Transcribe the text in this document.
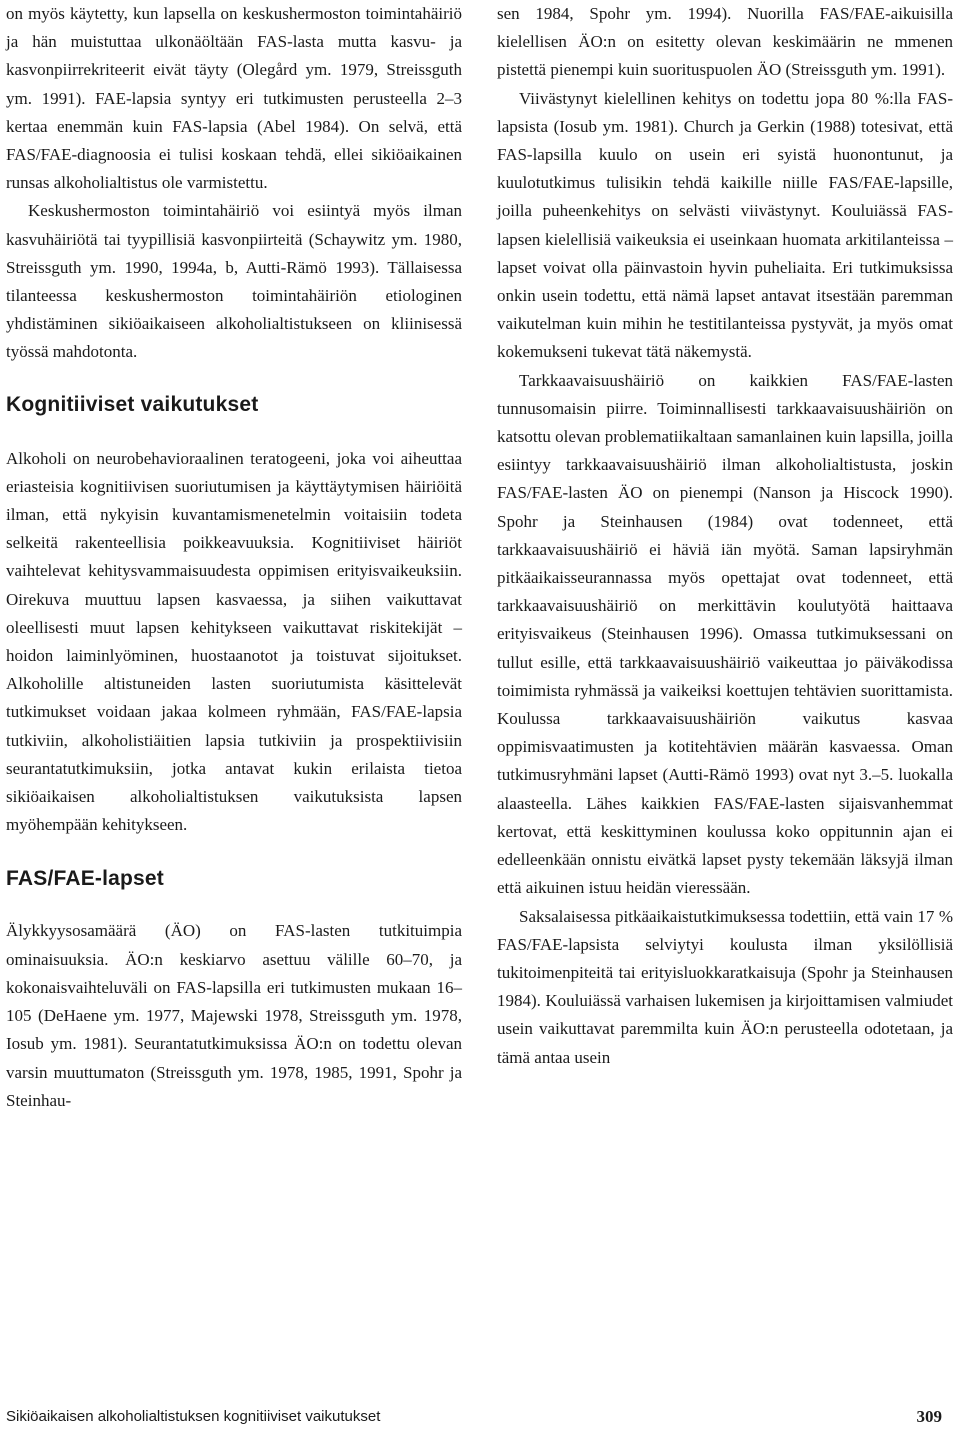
on myös käytetty, kun lapsella on keskushermoston toimintahäiriö ja hän muistuttaa ulkonäöltään FAS-lasta mutta kasvu- ja kasvonpiirrekriteerit eivät täyty (Olegård ym. 1979, Streissguth ym. 1991). FAE-lapsia syntyy eri tutkimusten perusteella 2–3 kertaa enemmän kuin FAS-lapsia (Abel 1984). On selvä, että FAS/FAE-diagnoosia ei tulisi koskaan tehdä, ellei sikiöaikainen runsas alkoholialtistus ole varmistettu.

Keskushermoston toimintahäiriö voi esiintyä myös ilman kasvuhäiriötä tai tyypillisiä kasvonpiirteitä (Schaywitz ym. 1980, Streissguth ym. 1990, 1994a, b, Autti-Rämö 1993). Tällaisessa tilanteessa keskushermoston toimintahäiriön etiologinen yhdistäminen sikiöaikaiseen alkoholialtistukseen on kliinisessä työssä mahdotonta.

Kognitiiviset vaikutukset

Alkoholi on neurobehavioraalinen teratogeeni, joka voi aiheuttaa eriasteisia kognitiivisen suoriutumisen ja käyttäytymisen häiriöitä ilman, että nykyisin kuvantamismenetelmin voitaisiin todeta selkeitä rakenteellisia poikkeavuuksia. Kognitiiviset häiriöt vaihtelevat kehitysvammaisuudesta oppimisen erityisvaikeuksiin. Oirekuva muuttuu lapsen kasvaessa, ja siihen vaikuttavat oleellisesti muut lapsen kehitykseen vaikuttavat riskitekijät – hoidon laiminlyöminen, huostaanotot ja toistuvat sijoitukset. Alkoholille altistuneiden lasten suoriutumista käsittelevät tutkimukset voidaan jakaa kolmeen ryhmään, FAS/FAE-lapsia tutkiviin, alkoholistiäitien lapsia tutkiviin ja prospektiivisiin seurantatutkimuksiin, jotka antavat kukin erilaista tietoa sikiöaikaisen alkoholialtistuksen vaikutuksista lapsen myöhempään kehitykseen.

FAS/FAE-lapset

Älykkyysosamäärä (ÄO) on FAS-lasten tutkituimpia ominaisuuksia. ÄO:n keskiarvo asettuu välille 60–70, ja kokonaisvaihteluväli on FAS-lapsilla eri tutkimusten mukaan 16–105 (DeHaene ym. 1977, Majewski 1978, Streissguth ym. 1978, Iosub ym. 1981). Seurantatutkimuksissa ÄO:n on todettu olevan varsin muuttumaton (Streissguth ym. 1978, 1985, 1991, Spohr ja Steinhau-

sen 1984, Spohr ym. 1994). Nuorilla FAS/FAE-aikuisilla kielellisen ÄO:n on esitetty olevan keskimäärin ne mmenen pistettä pienempi kuin suorituspuolen ÄO (Streissguth ym. 1991).

Viivästynyt kielellinen kehitys on todettu jopa 80 %:lla FAS-lapsista (Iosub ym. 1981). Church ja Gerkin (1988) totesivat, että FAS-lapsilla kuulo on usein eri syistä huonontunut, ja kuulotutkimus tulisikin tehdä kaikille niille FAS/FAE-lapsille, joilla puheenkehitys on selvästi viivästynyt. Kouluiässä FAS-lapsen kielellisiä vaikeuksia ei useinkaan huomata arkitilanteissa – lapset voivat olla päinvastoin hyvin puheliaita. Eri tutkimuksissa onkin usein todettu, että nämä lapset antavat itsestään paremman vaikutelman kuin mihin he testitilanteissa pystyvät, ja myös omat kokemukseni tukevat tätä näkemystä.

Tarkkaavaisuushäiriö on kaikkien FAS/FAE-lasten tunnusomaisin piirre. Toiminnallisesti tarkkaavaisuushäiriön on katsottu olevan problematiikaltaan samanlainen kuin lapsilla, joilla esiintyy tarkkaavaisuushäiriö ilman alkoholialtistusta, joskin FAS/FAE-lasten ÄO on pienempi (Nanson ja Hiscock 1990). Spohr ja Steinhausen (1984) ovat todenneet, että tarkkaavaisuushäiriö ei häviä iän myötä. Saman lapsiryhmän pitkäaikaisseurannassa myös opettajat ovat todenneet, että tarkkaavaisuushäiriö on merkittävin koulutyötä haittaava erityisvaikeus (Steinhausen 1996). Omassa tutkimuksessani on tullut esille, että tarkkaavaisuushäiriö vaikeuttaa jo päiväkodissa toimimista ryhmässä ja vaikeiksi koettujen tehtävien suorittamista. Koulussa tarkkaavaisuushäiriön vaikutus kasvaa oppimisvaatimusten ja kotitehtävien määrän kasvaessa. Oman tutkimusryhmäni lapset (Autti-Rämö 1993) ovat nyt 3.–5. luokalla alaasteella. Lähes kaikkien FAS/FAE-lasten sijaisvanhemmat kertovat, että keskittyminen koulussa koko oppitunnin ajan ei edelleenkään onnistu eivätkä lapset pysty tekemään läksyjä ilman että aikuinen istuu heidän vieressään.

Saksalaisessa pitkäaikaistutkimuksessa todettiin, että vain 17 % FAS/FAE-lapsista selviytyi koulusta ilman yksilöllisiä tukitoimenpiteitä tai erityisluokkaratkaisuja (Spohr ja Steinhausen 1984). Kouluiässä varhaisen lukemisen ja kirjoittamisen valmiudet usein vaikuttavat paremmilta kuin ÄO:n perusteella odotetaan, ja tämä antaa usein

Sikiöaikaisen alkoholialtistuksen kognitiiviset vaikutukset	309
